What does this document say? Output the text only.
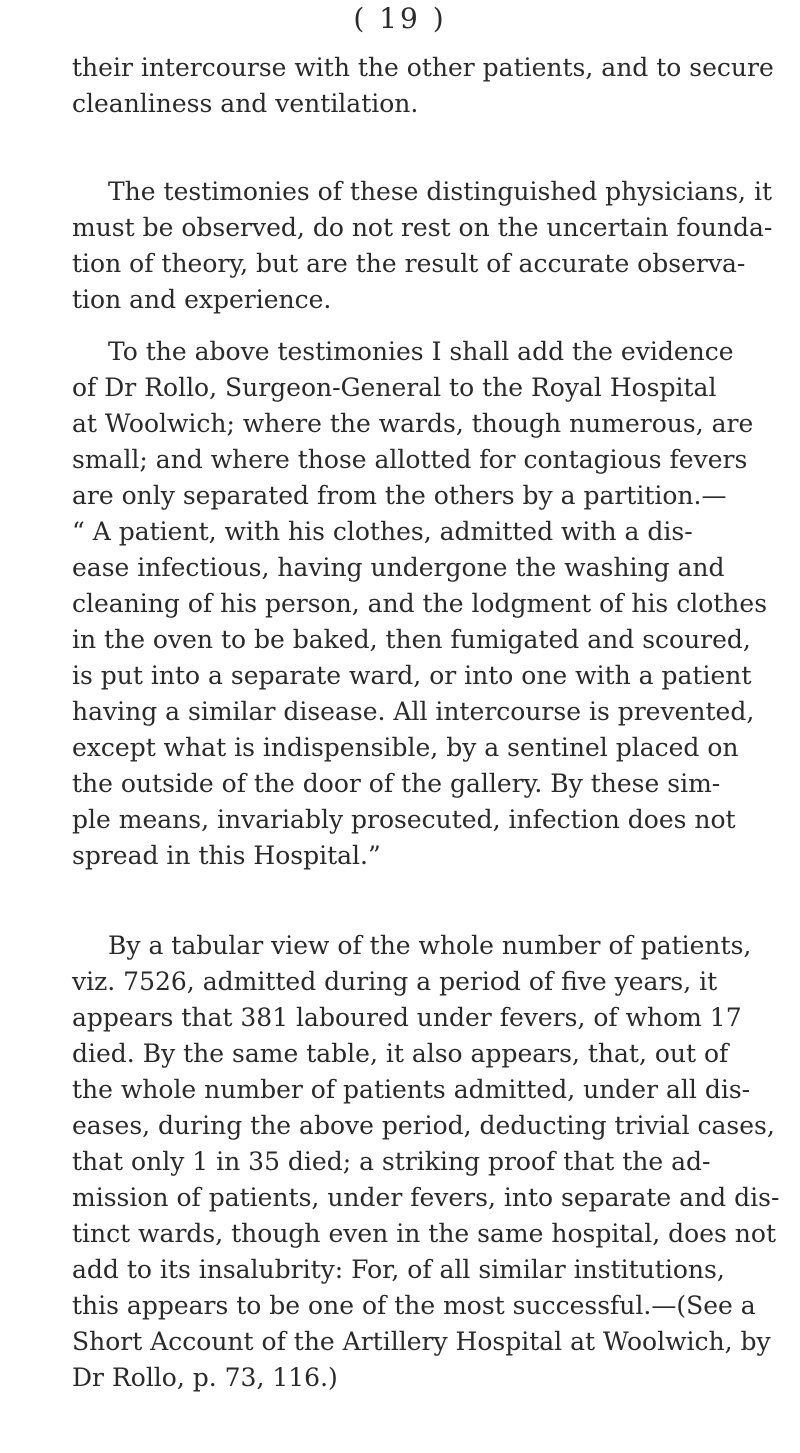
( 19 )
their intercourse with the other patients, and to secure
cleanliness and ventilation.
The testimonies of these distinguished physicians, it
must be observed, do not rest on the uncertain founda-
tion of theory, but are the result of accurate observa-
tion and experience.
To the above testimonies I shall add the evidence
of Dr Rollo, Surgeon-General to the Royal Hospital
at Woolwich; where the wards, though numerous, are
small; and where those allotted for contagious fevers
are only separated from the others by a partition.—
“ A patient, with his clothes, admitted with a dis-
ease infectious, having undergone the washing and
cleaning of his person, and the lodgment of his clothes
in the oven to be baked, then fumigated and scoured,
is put into a separate ward, or into one with a patient
having a similar disease. All intercourse is prevented,
except what is indispensible, by a sentinel placed on
the outside of the door of the gallery. By these sim-
ple means, invariably prosecuted, infection does not
spread in this Hospital.”
By a tabular view of the whole number of patients,
viz. 7526, admitted during a period of five years, it
appears that 381 laboured under fevers, of whom 17
died. By the same table, it also appears, that, out of
the whole number of patients admitted, under all dis-
eases, during the above period, deducting trivial cases,
that only 1 in 35 died; a striking proof that the ad-
mission of patients, under fevers, into separate and dis-
tinct wards, though even in the same hospital, does not
add to its insalubrity: For, of all similar institutions,
this appears to be one of the most successful.—(See a
Short Account of the Artillery Hospital at Woolwich, by
Dr Rollo, p. 73, 116.)
